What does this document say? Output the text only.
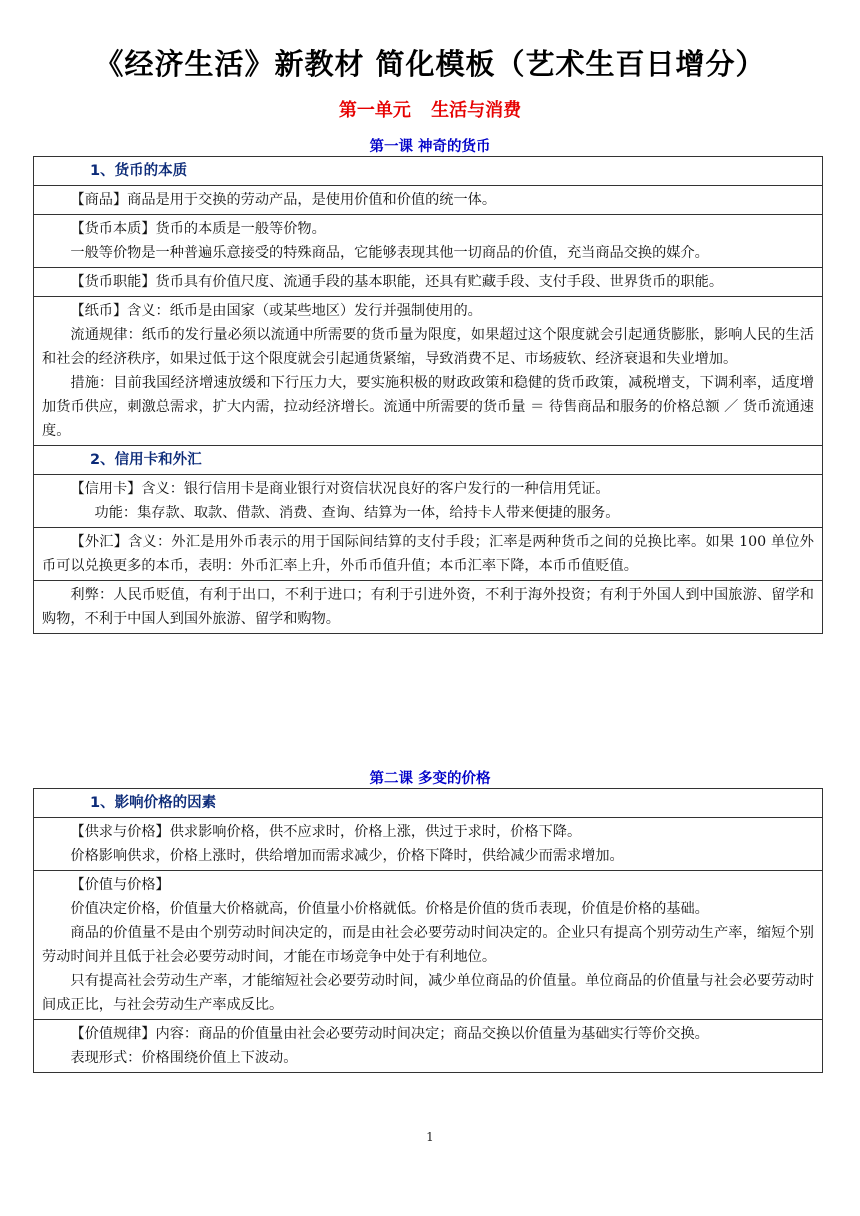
《经济生活》新教材 简化模板（艺术生百日增分）
第一单元 生活与消费
第一课 神奇的货币
1、货币的本质

【商品】商品是用于交换的劳动产品，是使用价值和价值的统一体。

【货币本质】货币的本质是一般等价物。

一般等价物是一种普遍乐意接受的特殊商品，它能够表现其他一切商品的价值，充当商品交换的媒介。

【货币职能】货币具有价值尺度、流通手段的基本职能，还具有贮藏手段、支付手段、世界货币的职能。

【纸币】含义：纸币是由国家（或某些地区）发行并强制使用的。

流通规律：纸币的发行量必须以流通中所需要的货币量为限度，如果超过这个限度就会引起通货膨胀，影响人民的生活和社会的经济秩序，如果过低于这个限度就会引起通货紧缩，导致消费不足、市场疲软、经济衰退和失业增加。

措施：目前我国经济增速放缓和下行压力大，要实施积极的财政政策和稳健的货币政策，减税增支，下调利率，适度增加货币供应，刺激总需求，扩大内需，拉动经济增长。流通中所需要的货币量 ＝ 待售商品和服务的价格总额 ／ 货币流通速度。

2、信用卡和外汇

【信用卡】含义：银行信用卡是商业银行对资信状况良好的客户发行的一种信用凭证。

功能：集存款、取款、借款、消费、查询、结算为一体，给持卡人带来便捷的服务。

【外汇】含义：外汇是用外币表示的用于国际间结算的支付手段；汇率是两种货币之间的兑换比率。如果 100 单位外币可以兑换更多的本币，表明：外币汇率上升，外币币值升值；本币汇率下降，本币币值贬值。

利弊：人民币贬值，有利于出口，不利于进口；有利于引进外资，不利于海外投资；有利于外国人到中国旅游、留学和购物，不利于中国人到国外旅游、留学和购物。

第二课 多变的价格
1、影响价格的因素

【供求与价格】供求影响价格，供不应求时，价格上涨，供过于求时，价格下降。

价格影响供求，价格上涨时，供给增加而需求减少，价格下降时，供给减少而需求增加。

【价值与价格】

价值决定价格，价值量大价格就高，价值量小价格就低。价格是价值的货币表现，价值是价格的基础。

商品的价值量不是由个别劳动时间决定的，而是由社会必要劳动时间决定的。企业只有提高个别劳动生产率，缩短个别劳动时间并且低于社会必要劳动时间，才能在市场竞争中处于有利地位。

只有提高社会劳动生产率，才能缩短社会必要劳动时间，减少单位商品的价值量。单位商品的价值量与社会必要劳动时间成正比，与社会劳动生产率成反比。

【价值规律】内容：商品的价值量由社会必要劳动时间决定；商品交换以价值量为基础实行等价交换。

表现形式：价格围绕价值上下波动。

1
